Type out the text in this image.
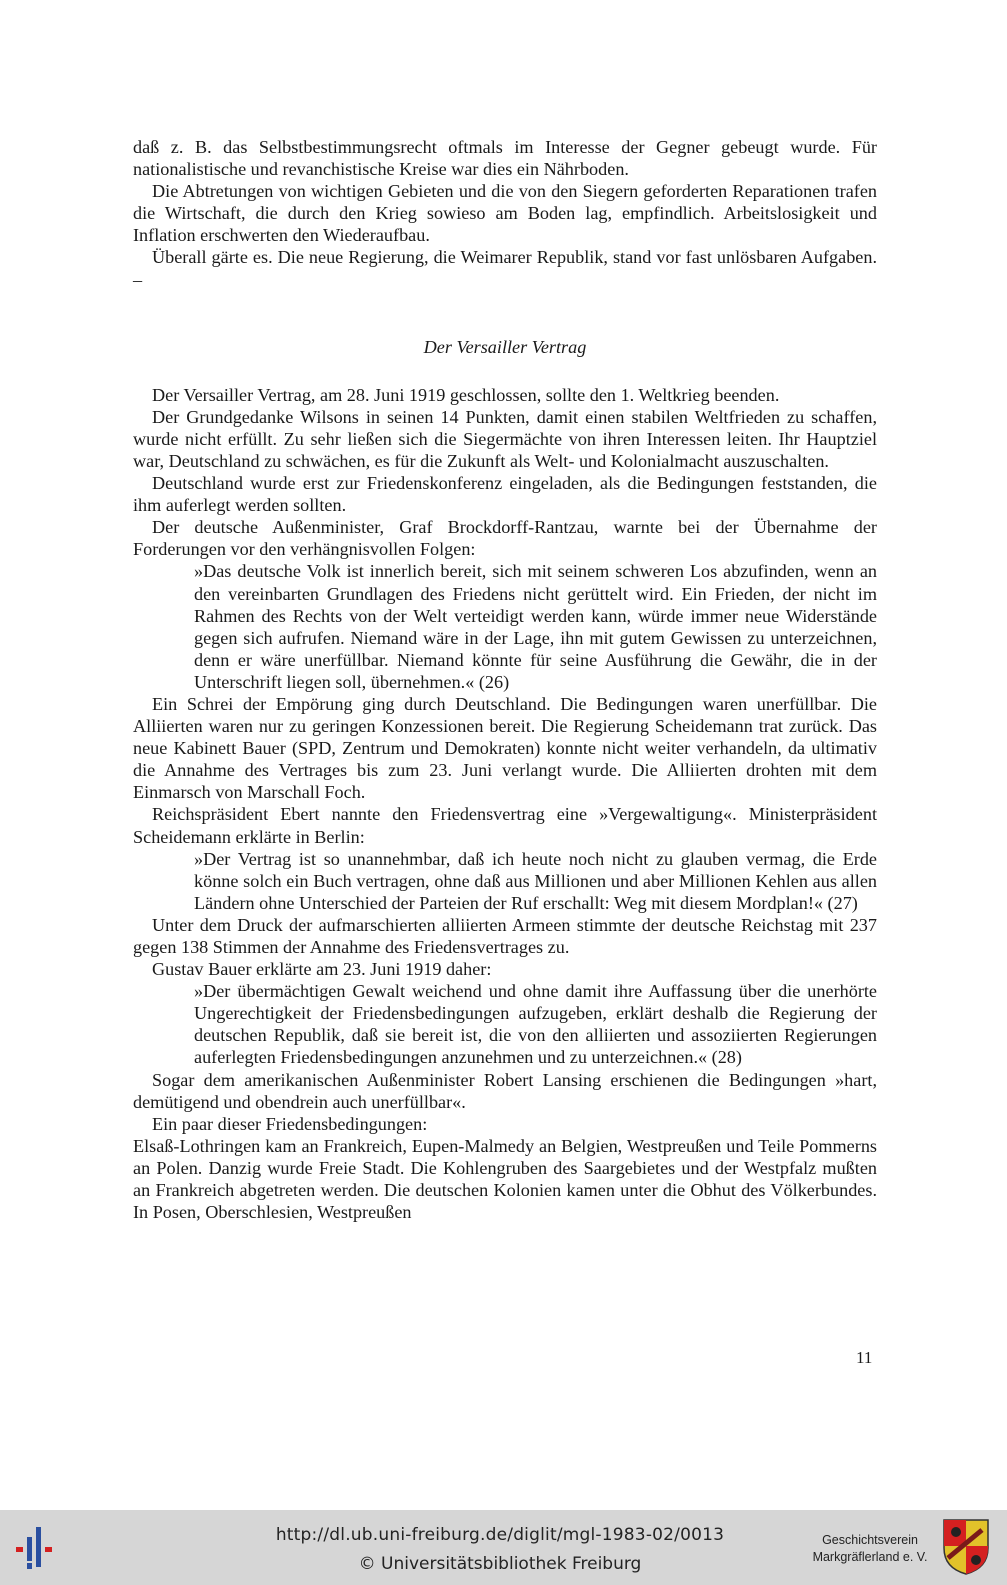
daß z. B. das Selbstbestimmungsrecht oftmals im Interesse der Gegner gebeugt wurde. Für nationalistische und revanchistische Kreise war dies ein Nährboden.

Die Abtretungen von wichtigen Gebieten und die von den Siegern geforderten Reparationen trafen die Wirtschaft, die durch den Krieg sowieso am Boden lag, empfindlich. Arbeitslosigkeit und Inflation erschwerten den Wiederaufbau.

Überall gärte es. Die neue Regierung, die Weimarer Republik, stand vor fast unlösbaren Aufgaben. –

Der Versailler Vertrag

Der Versailler Vertrag, am 28. Juni 1919 geschlossen, sollte den 1. Weltkrieg beenden.

Der Grundgedanke Wilsons in seinen 14 Punkten, damit einen stabilen Weltfrieden zu schaffen, wurde nicht erfüllt. Zu sehr ließen sich die Siegermächte von ihren Interessen leiten. Ihr Hauptziel war, Deutschland zu schwächen, es für die Zukunft als Welt- und Kolonialmacht auszuschalten.

Deutschland wurde erst zur Friedenskonferenz eingeladen, als die Bedingungen feststanden, die ihm auferlegt werden sollten.

Der deutsche Außenminister, Graf Brockdorff-Rantzau, warnte bei der Übernahme der Forderungen vor den verhängnisvollen Folgen:

»Das deutsche Volk ist innerlich bereit, sich mit seinem schweren Los abzufinden, wenn an den vereinbarten Grundlagen des Friedens nicht gerüttelt wird. Ein Frieden, der nicht im Rahmen des Rechts von der Welt verteidigt werden kann, würde immer neue Widerstände gegen sich aufrufen. Niemand wäre in der Lage, ihn mit gutem Gewissen zu unterzeichnen, denn er wäre unerfüllbar. Niemand könnte für seine Ausführung die Gewähr, die in der Unterschrift liegen soll, übernehmen.« (26)

Ein Schrei der Empörung ging durch Deutschland. Die Bedingungen waren unerfüllbar. Die Alliierten waren nur zu geringen Konzessionen bereit. Die Regierung Scheidemann trat zurück. Das neue Kabinett Bauer (SPD, Zentrum und Demokraten) konnte nicht weiter verhandeln, da ultimativ die Annahme des Vertrages bis zum 23. Juni verlangt wurde. Die Alliierten drohten mit dem Einmarsch von Marschall Foch.

Reichspräsident Ebert nannte den Friedensvertrag eine »Vergewaltigung«. Ministerpräsident Scheidemann erklärte in Berlin:

»Der Vertrag ist so unannehmbar, daß ich heute noch nicht zu glauben vermag, die Erde könne solch ein Buch vertragen, ohne daß aus Millionen und aber Millionen Kehlen aus allen Ländern ohne Unterschied der Parteien der Ruf erschallt: Weg mit diesem Mordplan!« (27)

Unter dem Druck der aufmarschierten alliierten Armeen stimmte der deutsche Reichstag mit 237 gegen 138 Stimmen der Annahme des Friedensvertrages zu.

Gustav Bauer erklärte am 23. Juni 1919 daher:

»Der übermächtigen Gewalt weichend und ohne damit ihre Auffassung über die unerhörte Ungerechtigkeit der Friedensbedingungen aufzugeben, erklärt deshalb die Regierung der deutschen Republik, daß sie bereit ist, die von den alliierten und assoziierten Regierungen auferlegten Friedensbedingungen anzunehmen und zu unterzeichnen.« (28)

Sogar dem amerikanischen Außenminister Robert Lansing erschienen die Bedingungen »hart, demütigend und obendrein auch unerfüllbar«.

Ein paar dieser Friedensbedingungen:

Elsaß-Lothringen kam an Frankreich, Eupen-Malmedy an Belgien, Westpreußen und Teile Pommerns an Polen. Danzig wurde Freie Stadt. Die Kohlengruben des Saargebietes und der Westpfalz mußten an Frankreich abgetreten werden. Die deutschen Kolonien kamen unter die Obhut des Völkerbundes. In Posen, Oberschlesien, Westpreußen

11
http://dl.ub.uni-freiburg.de/diglit/mgl-1983-02/0013
© Universitätsbibliothek Freiburg
Geschichtsverein
Markgräflerland e. V.
